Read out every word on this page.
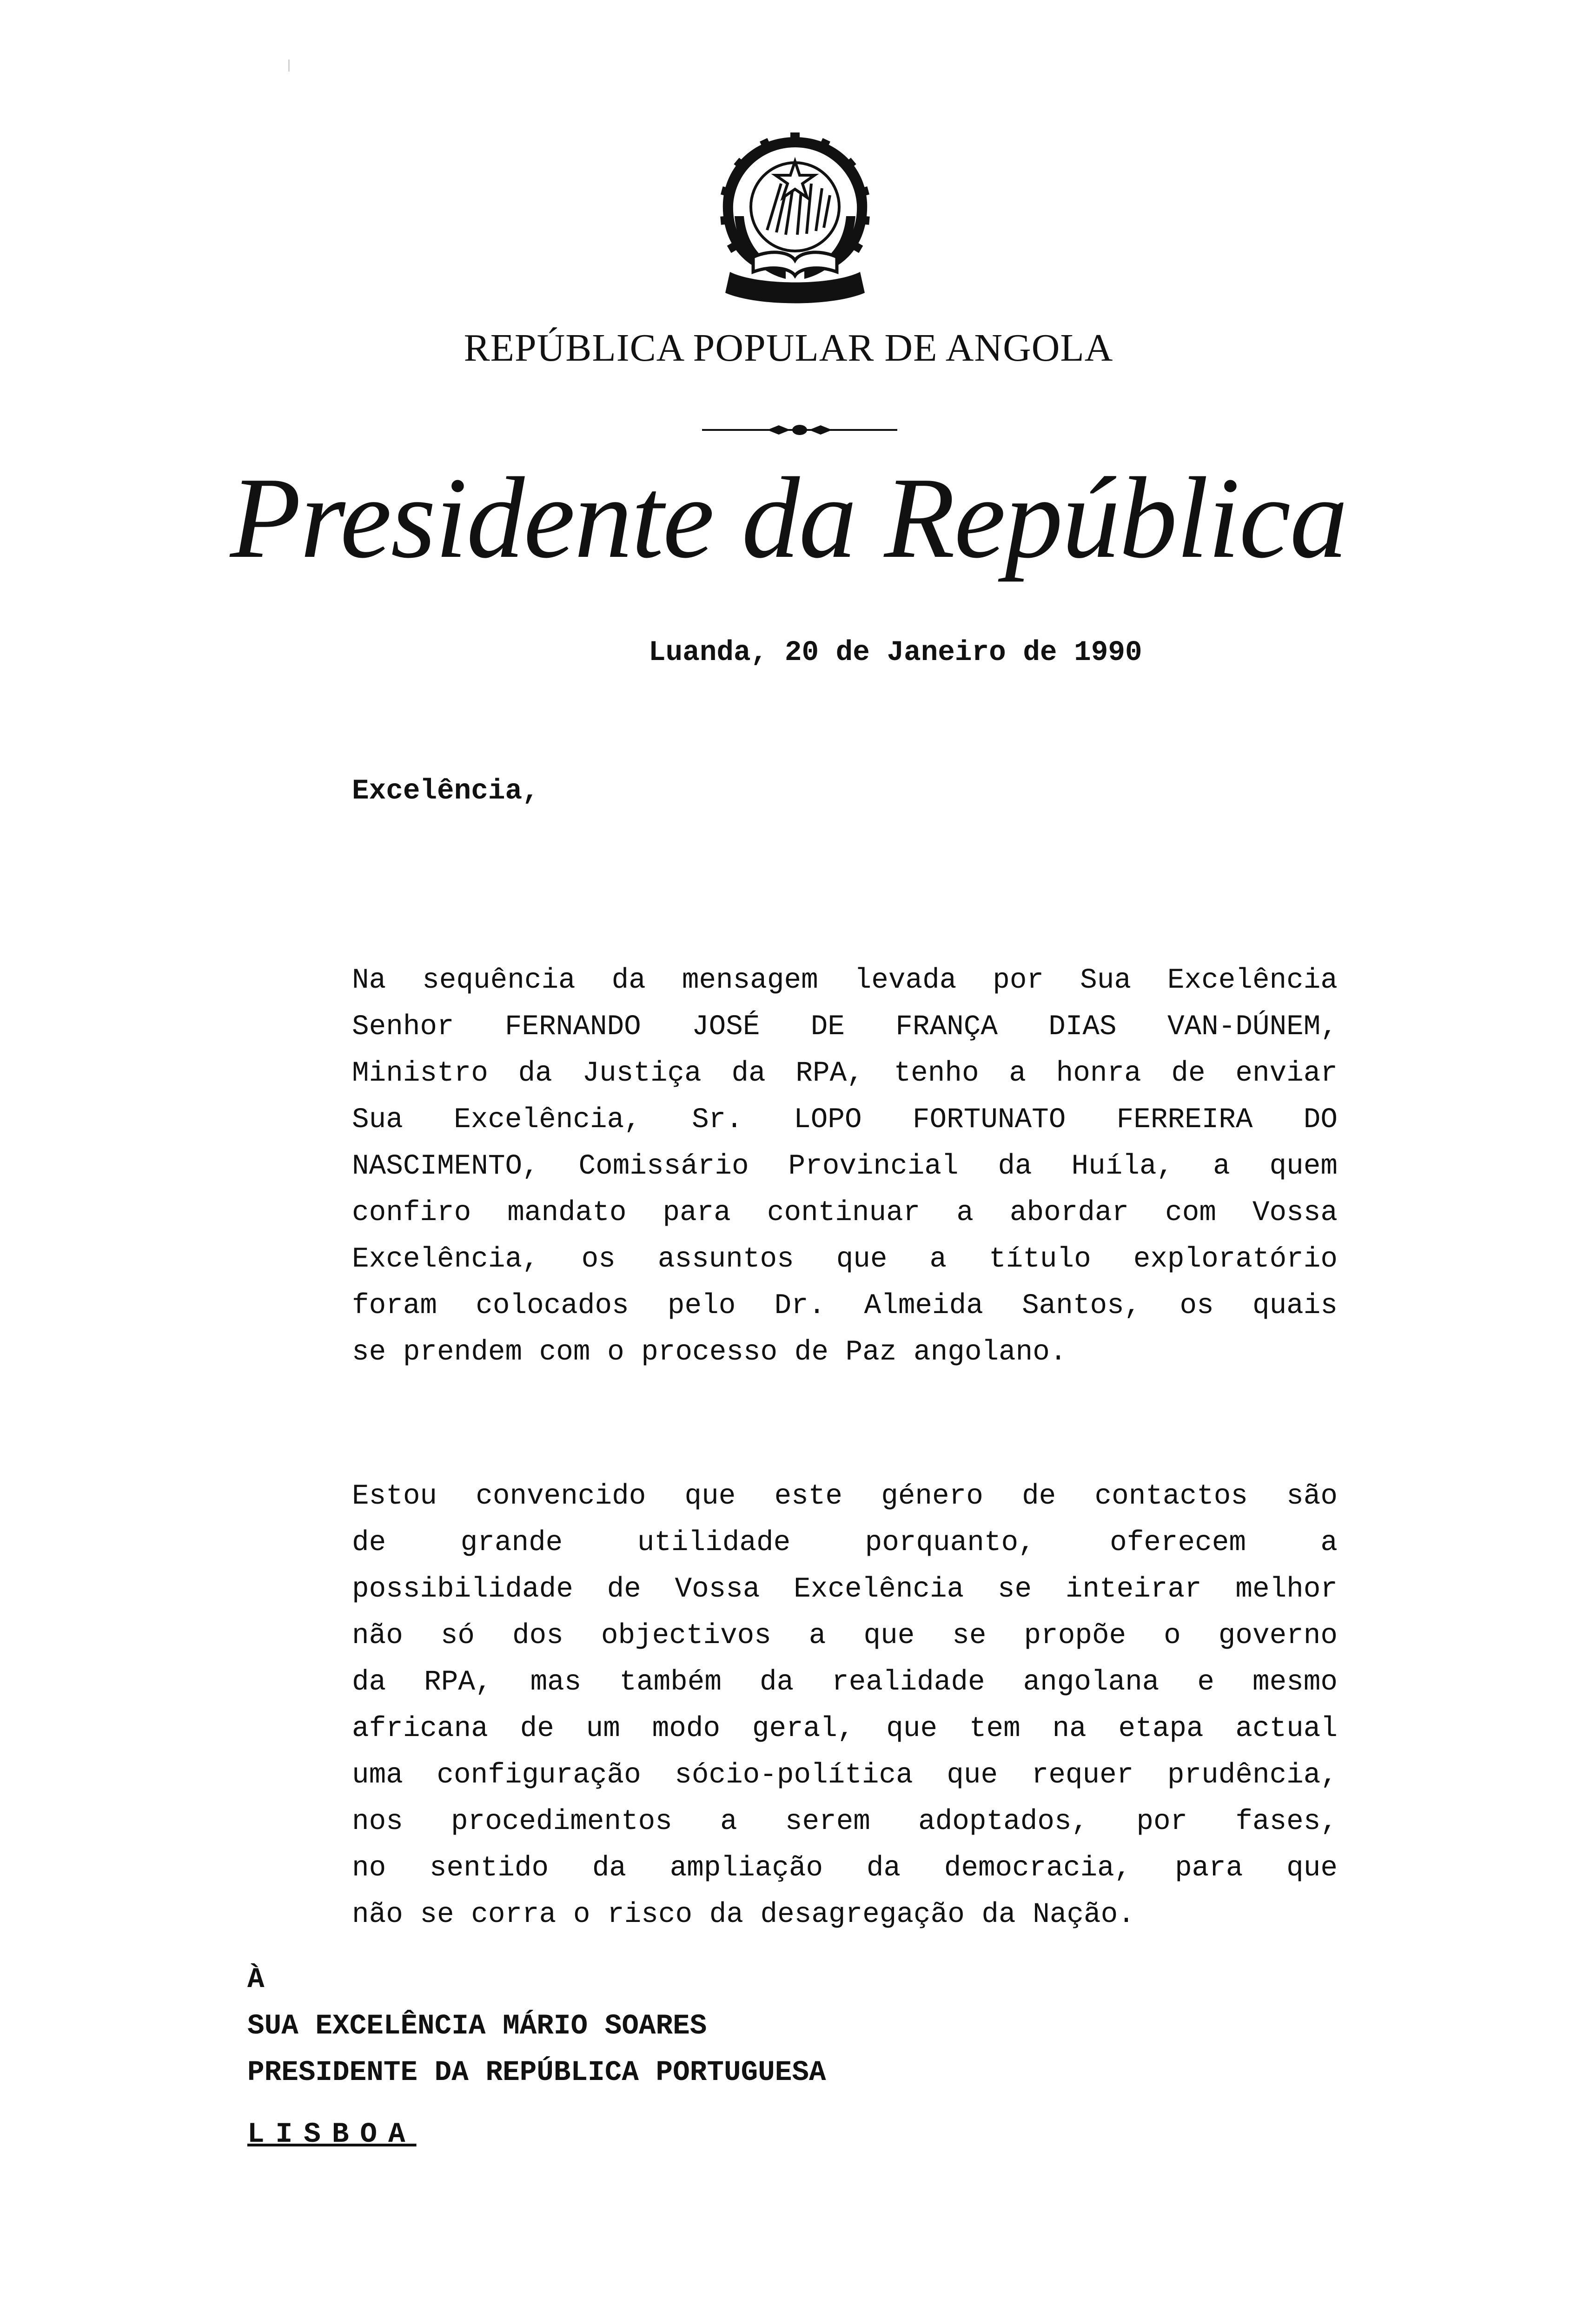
REPÚBLICA POPULAR DE ANGOLA
Presidente da República
Luanda, 20 de Janeiro de 1990
Excelência,
Na sequência da mensagem levada por Sua Excelência
Senhor FERNANDO JOSÉ DE FRANÇA DIAS VAN-DÚNEM,
Ministro da Justiça da RPA, tenho a honra de enviar
Sua Excelência, Sr. LOPO FORTUNATO FERREIRA DO
NASCIMENTO, Comissário Provincial da Huíla, a quem
confiro mandato para continuar a abordar com Vossa
Excelência, os assuntos que a título exploratório
foram colocados pelo Dr. Almeida Santos, os quais
se prendem com o processo de Paz angolano.
Estou convencido que este género de contactos são
de grande utilidade porquanto, oferecem a
possibilidade de Vossa Excelência se inteirar melhor
não só dos objectivos a que se propõe o governo
da RPA, mas também da realidade angolana e mesmo
africana de um modo geral, que tem na etapa actual
uma configuração sócio-política que requer prudência,
nos procedimentos a serem adoptados, por fases,
no sentido da ampliação da democracia, para que
não se corra o risco da desagregação da Nação.
À
SUA EXCELÊNCIA MÁRIO SOARES
PRESIDENTE DA REPÚBLICA PORTUGUESA
LISBOA
